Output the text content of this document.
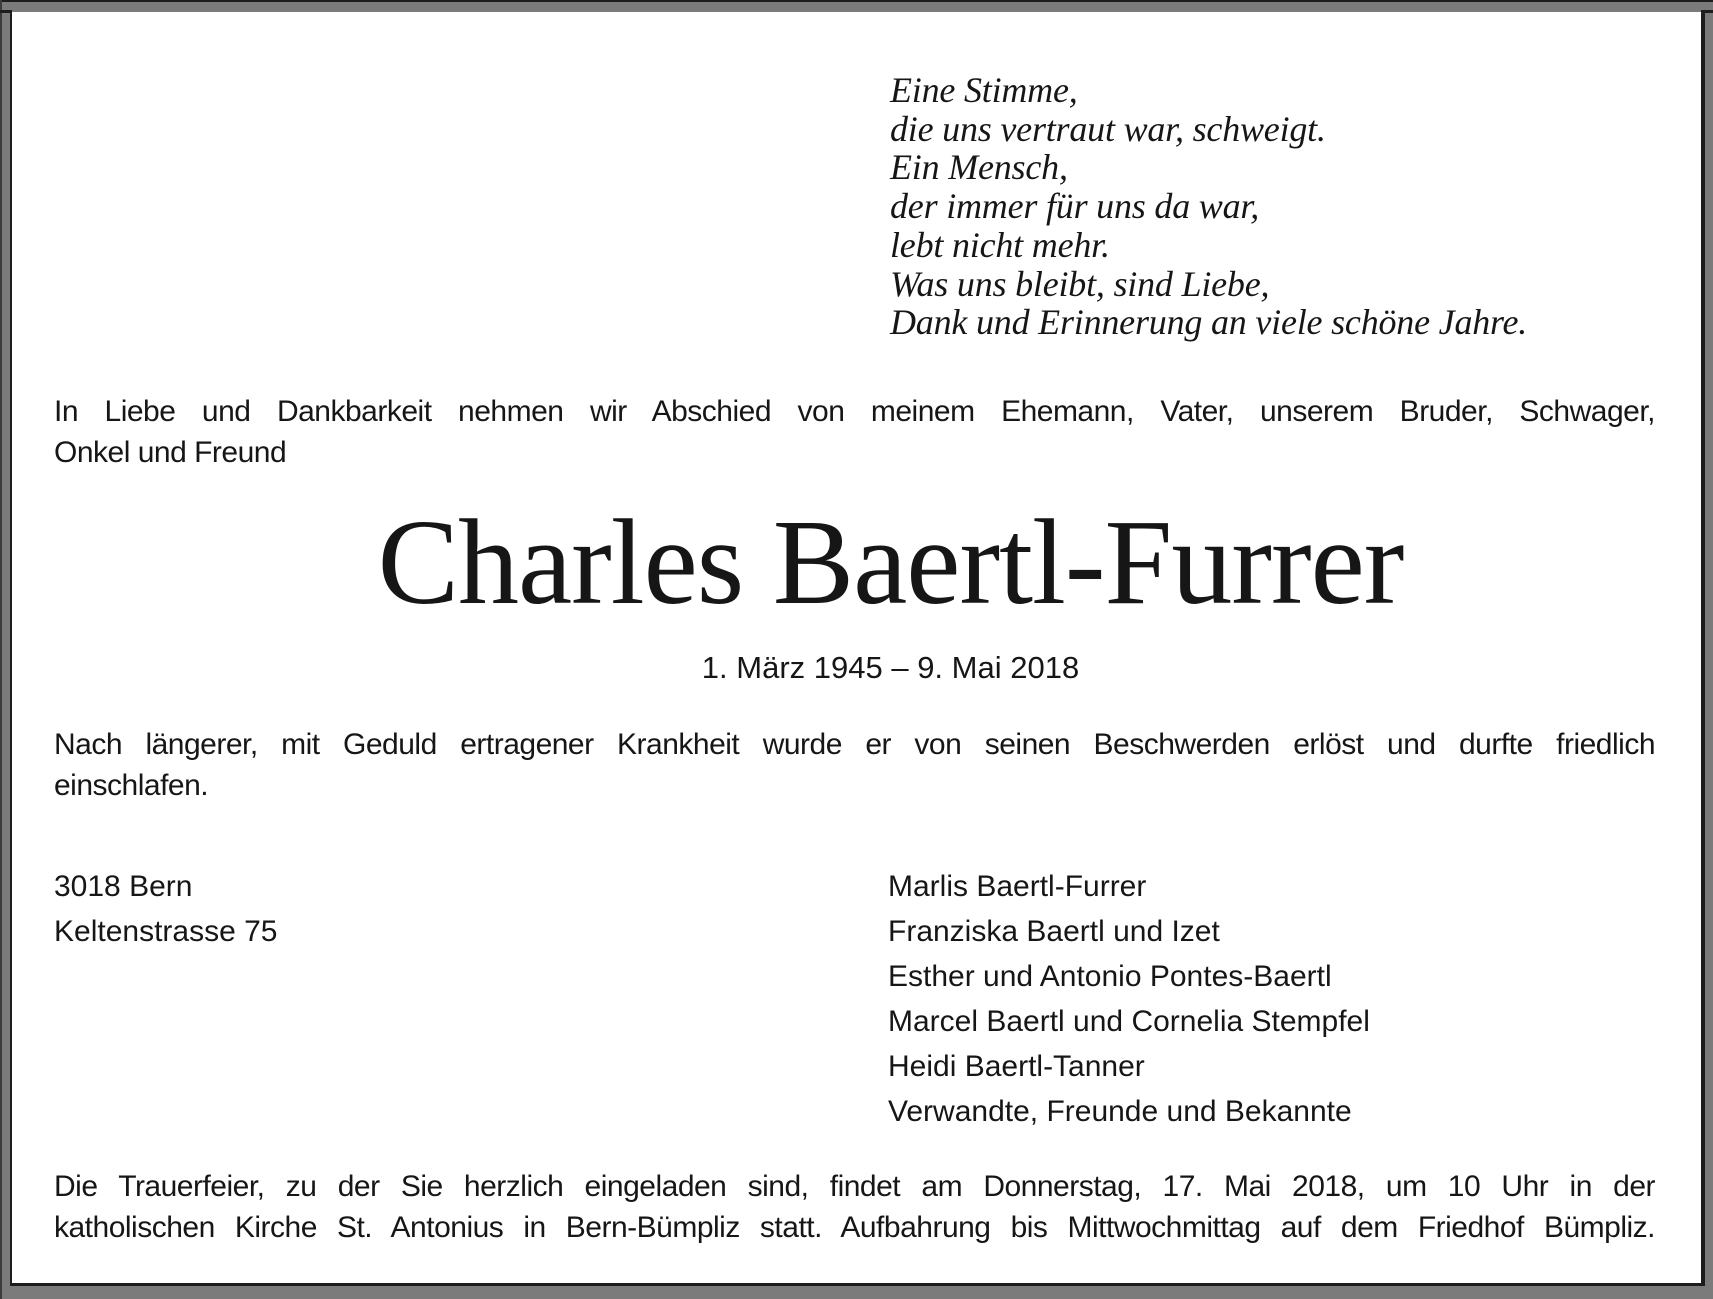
Eine Stimme,
die uns vertraut war, schweigt.
Ein Mensch,
der immer für uns da war,
lebt nicht mehr.
Was uns bleibt, sind Liebe,
Dank und Erinnerung an viele schöne Jahre.
In Liebe und Dankbarkeit nehmen wir Abschied von meinem Ehemann, Vater, unserem Bruder, Schwager,
Onkel und Freund
Charles Baertl-Furrer
1. März 1945 – 9. Mai 2018
Nach längerer, mit Geduld ertragener Krankheit wurde er von seinen Beschwerden erlöst und durfte friedlich
einschlafen.
3018 Bern
Keltenstrasse 75
Marlis Baertl-Furrer
Franziska Baertl und Izet
Esther und Antonio Pontes-Baertl
Marcel Baertl und Cornelia Stempfel
Heidi Baertl-Tanner
Verwandte, Freunde und Bekannte
Die Trauerfeier, zu der Sie herzlich eingeladen sind, findet am Donnerstag, 17. Mai 2018, um 10 Uhr in der
katholischen Kirche St. Antonius in Bern-Bümpliz statt. Aufbahrung bis Mittwochmittag auf dem Friedhof Bümpliz.
